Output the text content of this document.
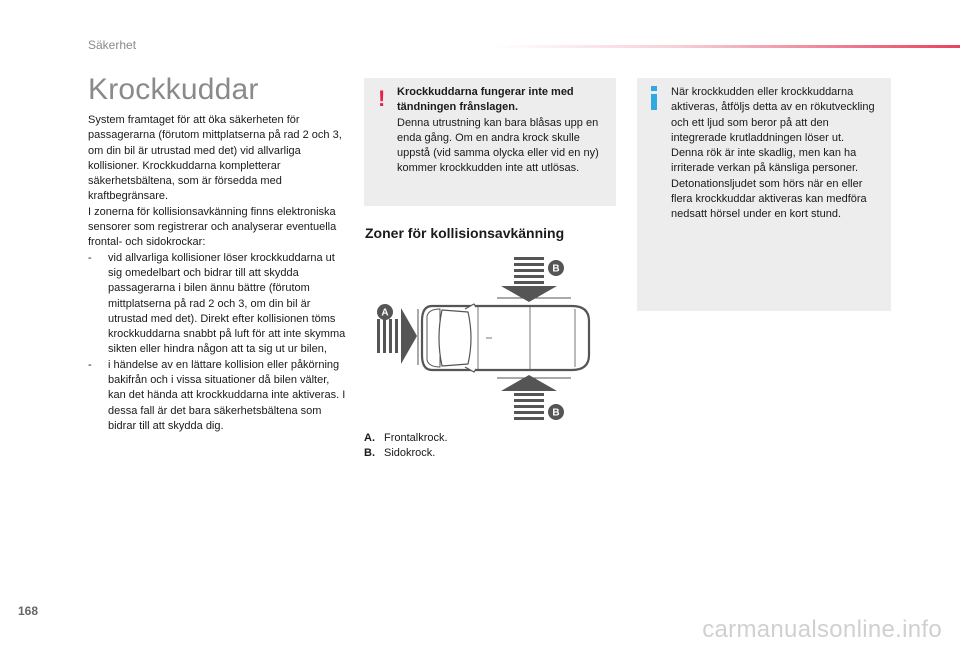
Säkerhet
Krockkuddar

System framtaget för att öka säkerheten för passagerarna (förutom mittplatserna på rad 2 och 3, om din bil är utrustad med det) vid allvarliga kollisioner. Krockkuddarna kompletterar säkerhetsbältena, som är försedda med kraftbegränsare.

I zonerna för kollisionsavkänning finns elektroniska sensorer som registrerar och analyserar eventuella frontal- och sidokrockar:

- vid allvarliga kollisioner löser krockkuddarna ut sig omedelbart och bidrar till att skydda passagerarna i bilen ännu bättre (förutom mittplatserna på rad 2 och 3, om din bil är utrustad med det). Direkt efter kollisionen töms krockkuddarna snabbt på luft för att inte skymma sikten eller hindra någon att ta sig ut ur bilen,
- i händelse av en lättare kollision eller påkörning bakifrån och i vissa situationer då bilen välter, kan det hända att krockkuddarna inte aktiveras. I dessa fall är det bara säkerhetsbältena som bidrar till att skydda dig.
! Krockkuddarna fungerar inte med tändningen frånslagen.

Denna utrustning kan bara blåsas upp en enda gång. Om en andra krock skulle uppstå (vid samma olycka eller vid en ny) kommer krockkudden inte att utlösas.

När krockkudden eller krockkuddarna aktiveras, åtföljs detta av en rökutveckling och ett ljud som beror på att den integrerade krutladdningen löser ut.

Denna rök är inte skadlig, men kan ha irriterade verkan på känsliga personer.

Detonationsljudet som hörs när en eller flera krockkuddar aktiveras kan medföra nedsatt hörsel under en kort stund.

Zoner för kollisionsavkänning
B
A
B
A. Frontalkrock.
B. Sidokrock.
168
carmanualsonline.info
